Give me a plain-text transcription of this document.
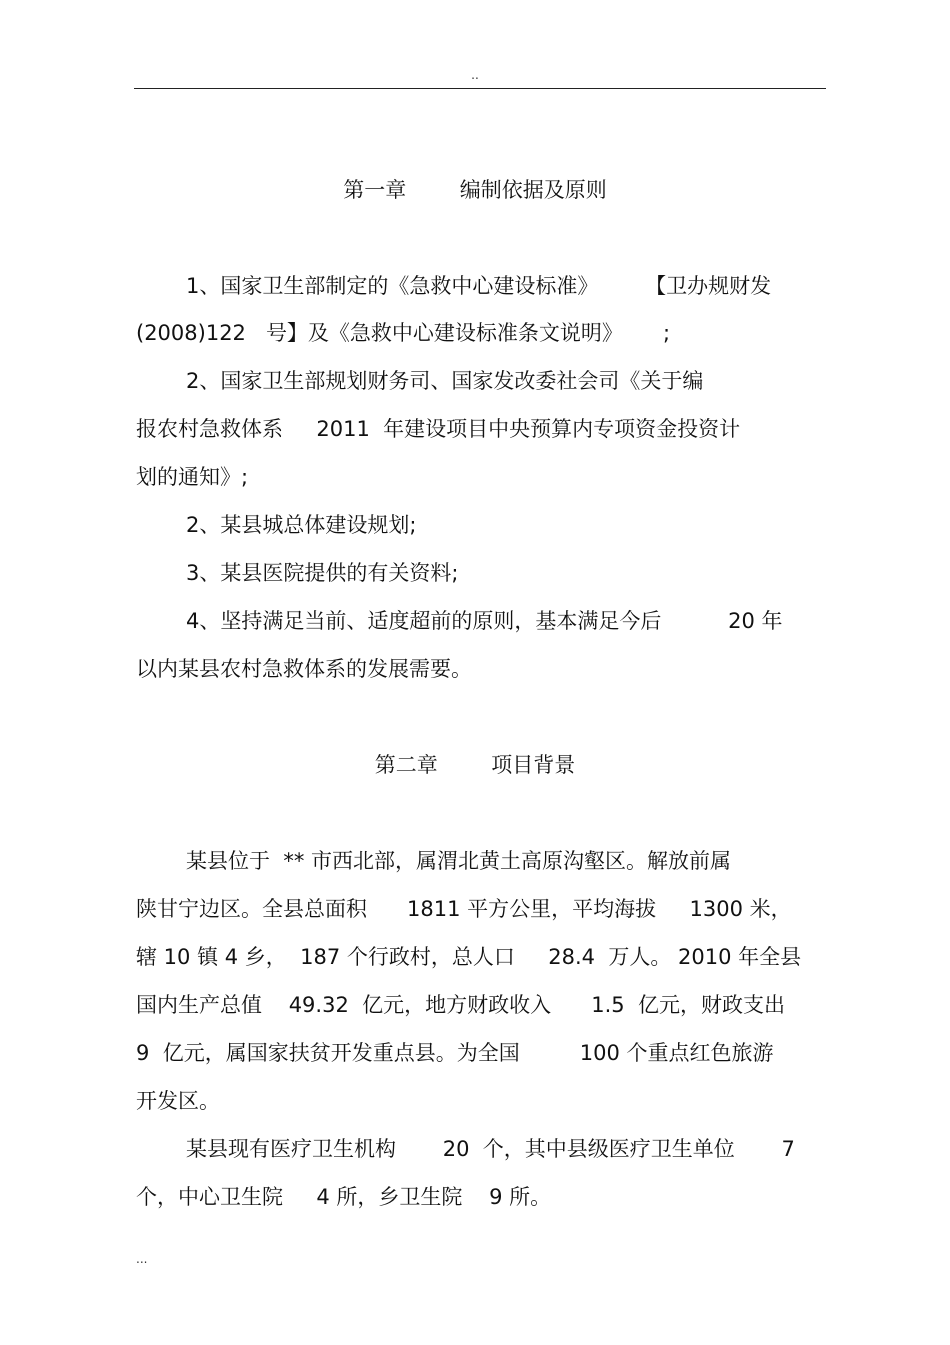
..
第一章        编制依据及原则
1、国家卫生部制定的《急救中心建设标准》       【卫办规财发
(2008)122   号】及《急救中心建设标准条文说明》      ;
2、国家卫生部规划财务司、国家发改委社会司《关于编
报农村急救体系     2011  年建设项目中央预算内专项资金投资计
划的通知》;
2、某县城总体建设规划;
3、某县医院提供的有关资料;
4、坚持满足当前、适度超前的原则，基本满足今后          20 年
以内某县农村急救体系的发展需要。
第二章        项目背景
某县位于  ** 市西北部，属渭北黄土高原沟壑区。解放前属
陕甘宁边区。全县总面积      1811 平方公里，平均海拔     1300 米，
辖 10 镇 4 乡，  187 个行政村，总人口     28.4  万人。 2010 年全县
国内生产总值    49.32  亿元，地方财政收入      1.5  亿元，财政支出
9  亿元，属国家扶贫开发重点县。为全国         100 个重点红色旅游
开发区。
某县现有医疗卫生机构       20  个，其中县级医疗卫生单位       7
个，中心卫生院     4 所，乡卫生院    9 所。
...
